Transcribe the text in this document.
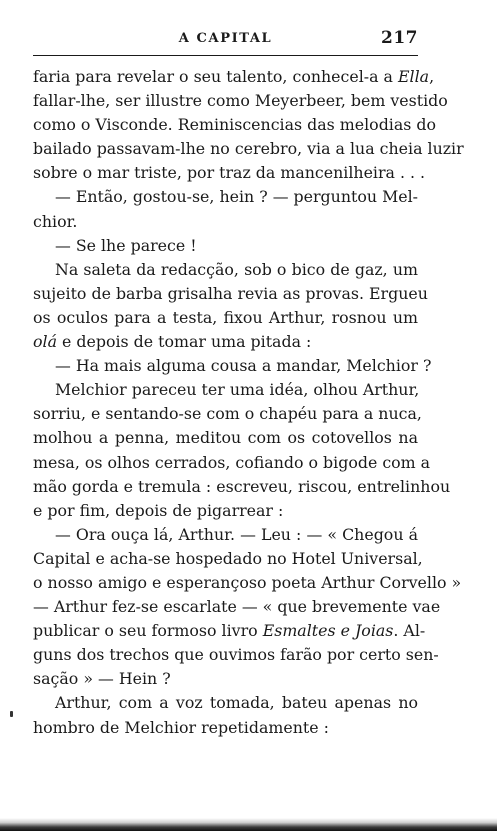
A CAPITAL	217
faria para revelar o seu talento, conhecel-a a Ella,
fallar-lhe, ser illustre como Meyerbeer, bem vestido
como o Visconde. Reminiscencias das melodias do
bailado passavam-lhe no cerebro, via a lua cheia luzir
sobre o mar triste, por traz da mancenilheira . . .
— Então, gostou-se, hein ? — perguntou Mel-
chior.
— Se lhe parece !
Na saleta da redacção, sob o bico de gaz, um
sujeito de barba grisalha revia as provas. Ergueu
os oculos para a testa, fixou Arthur, rosnou um
olá e depois de tomar uma pitada :
— Ha mais alguma cousa a mandar, Melchior ?
Melchior pareceu ter uma idéa, olhou Arthur,
sorriu, e sentando-se com o chapéu para a nuca,
molhou a penna, meditou com os cotovellos na
mesa, os olhos cerrados, cofiando o bigode com a
mão gorda e tremula : escreveu, riscou, entrelinhou
e por fim, depois de pigarrear :
— Ora ouça lá, Arthur. — Leu : — « Chegou á
Capital e acha-se hospedado no Hotel Universal,
o nosso amigo e esperançoso poeta Arthur Corvello »
— Arthur fez-se escarlate — « que brevemente vae
publicar o seu formoso livro Esmaltes e Joias. Al-
guns dos trechos que ouvimos farão por certo sen-
sação » — Hein ?
Arthur, com a voz tomada, bateu apenas no
hombro de Melchior repetidamente :
